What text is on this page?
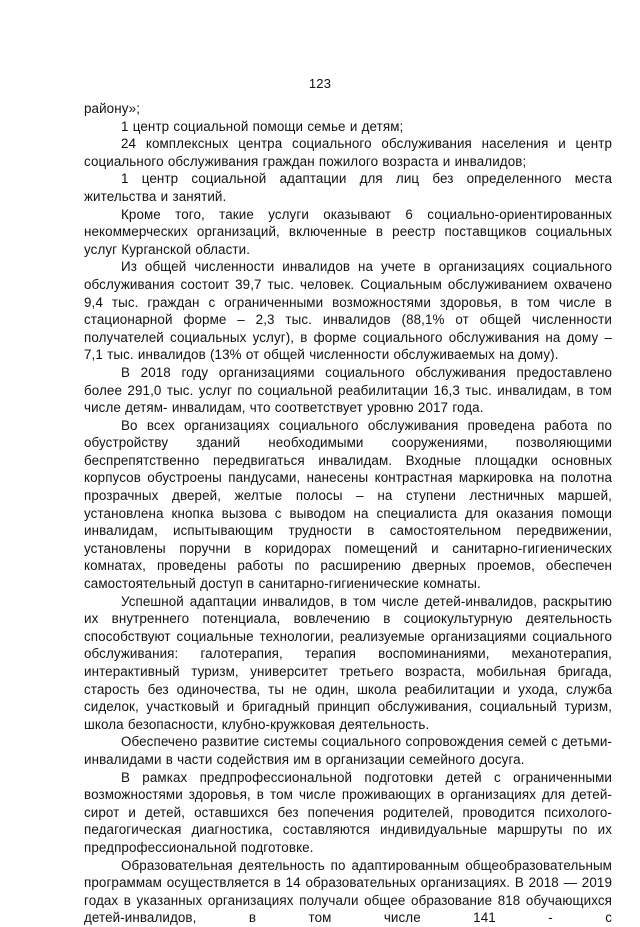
123

району»;

1 центр социальной помощи семье и детям;

24 комплексных центра социального обслуживания населения и центр социального обслуживания граждан пожилого возраста и инвалидов;

1 центр социальной адаптации для лиц без определенного места жительства и занятий.

Кроме того, такие услуги оказывают 6 социально-ориентированных некоммерческих организаций, включенные в реестр поставщиков социальных услуг Курганской области.

Из общей численности инвалидов на учете в организациях социального обслуживания состоит 39,7 тыс. человек. Социальным обслуживанием охвачено 9,4 тыс. граждан с ограниченными возможностями здоровья, в том числе в стационарной форме – 2,3 тыс. инвалидов (88,1% от общей численности получателей социальных услуг), в форме социального обслуживания на дому – 7,1 тыс. инвалидов (13% от общей численности обслуживаемых на дому).

В 2018 году организациями социального обслуживания предоставлено более 291,0 тыс. услуг по социальной реабилитации 16,3 тыс. инвалидам, в том числе детям- инвалидам, что соответствует уровню 2017 года.

Во всех организациях социального обслуживания проведена работа по обустройству зданий необходимыми сооружениями, позволяющими беспрепятственно передвигаться инвалидам. Входные площадки основных корпусов обустроены пандусами, нанесены контрастная маркировка на полотна прозрачных дверей, желтые полосы – на ступени лестничных маршей, установлена кнопка вызова с выводом на специалиста для оказания помощи инвалидам, испытывающим трудности в самостоятельном передвижении, установлены поручни в коридорах помещений и санитарно-гигиенических комнатах, проведены работы по расширению дверных проемов, обеспечен самостоятельный доступ в санитарно-гигиенические комнаты.

Успешной адаптации инвалидов, в том числе детей-инвалидов, раскрытию их внутреннего потенциала, вовлечению в социокультурную деятельность способствуют социальные технологии, реализуемые организациями социального обслуживания: галотерапия, терапия воспоминаниями, механотерапия, интерактивный туризм, университет третьего возраста, мобильная бригада, старость без одиночества, ты не один, школа реабилитации и ухода, служба сиделок, участковый и бригадный принцип обслуживания, социальный туризм, школа безопасности, клубно-кружковая деятельность.

Обеспечено развитие системы социального сопровождения семей с детьми-инвалидами в части содействия им в организации семейного досуга.

В рамках предпрофессиональной подготовки детей с ограниченными возможностями здоровья, в том числе проживающих в организациях для детей-сирот и детей, оставшихся без попечения родителей, проводится психолого-педагогическая диагностика, составляются индивидуальные маршруты по их предпрофессиональной подготовке.

Образовательная деятельность по адаптированным общеобразовательным программам осуществляется в 14 образовательных организациях. В 2018 — 2019 годах в указанных организациях получали общее образование 818 обучающихся детей-инвалидов, в том числе 141 - с
